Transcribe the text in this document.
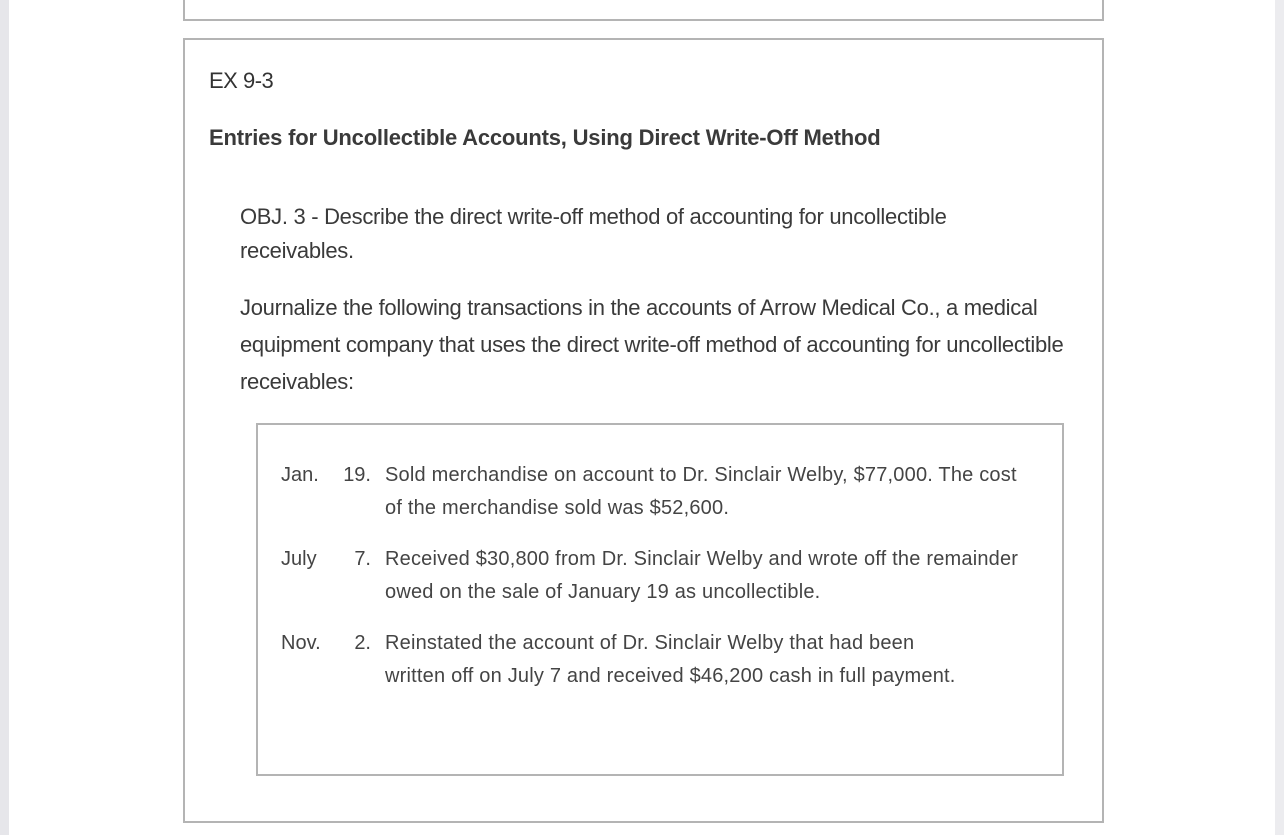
EX 9-3
Entries for Uncollectible Accounts, Using Direct Write-Off Method
OBJ. 3 - Describe the direct write-off method of accounting for uncollectible receivables.
Journalize the following transactions in the accounts of Arrow Medical Co., a medical equipment company that uses the direct write-off method of accounting for uncollectible receivables:
Jan.	19. Sold merchandise on account to Dr. Sinclair Welby, $77,000. The cost of the merchandise sold was $52,600.
July	7. Received $30,800 from Dr. Sinclair Welby and wrote off the remainder owed on the sale of January 19 as uncollectible.
Nov.	2. Reinstated the account of Dr. Sinclair Welby that had been written off on July 7 and received $46,200 cash in full payment.
